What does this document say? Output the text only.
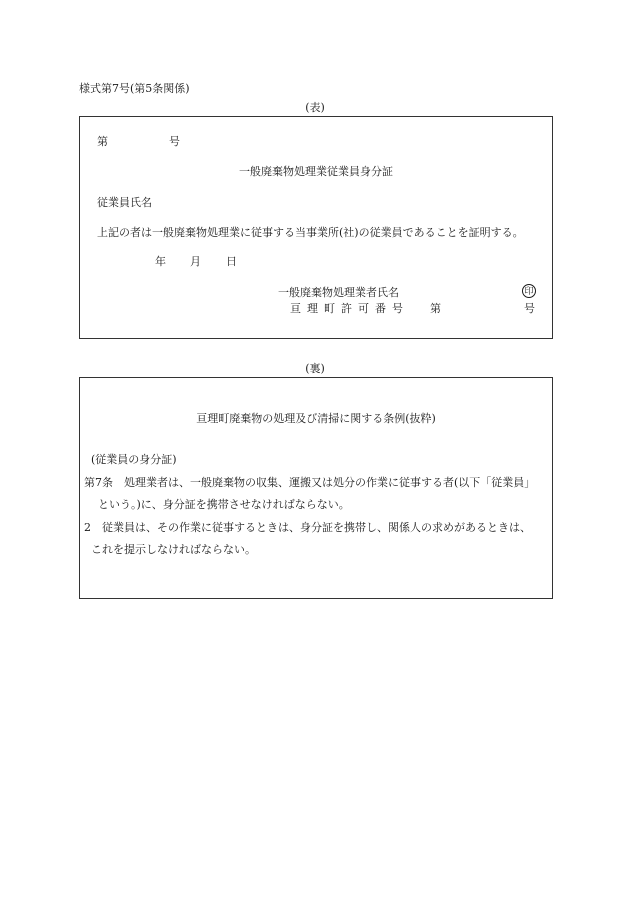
様式第7号(第5条関係)
(表)
第	号
一般廃棄物処理業従業員身分証
従業員氏名
上記の者は一般廃棄物処理業に従事する当事業所(社)の従業員であることを証明する。
年 月 日
一般廃棄物処理業者氏名	印
亘理町許可番号 第	号
(裏)
亘理町廃棄物の処理及び清掃に関する条例(抜粋)
(従業員の身分証)
第7条　処理業者は、一般廃棄物の収集、運搬又は処分の作業に従事する者(以下「従業員」
という。)に、身分証を携帯させなければならない。
2　従業員は、その作業に従事するときは、身分証を携帯し、関係人の求めがあるときは、
これを提示しなければならない。
